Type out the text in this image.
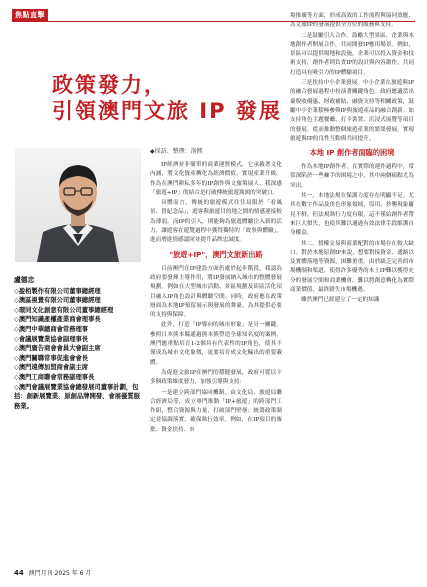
焦點直擊
政策發力，
引領澳門文旅 IP 發展
◆採訪、整理：洛熙
盧德忠
◇盈栢製作有限公司董事總經理
◇澳區視覺有限公司董事總經理
◇環同文化創意有限公司董事總經理
◇澳門知識產權產業商會理事長
◇澳門中華總商會常務理事
◇會議展覽業協會副理事長
◇澳門廣告商會會員大會副主席
◇澳門關聯常事促進會會長
◇澳門遠傳加盟商會副主席
◇澳門工商聯會常務副理事長
◇澳門會議展覽業協會總發展司董事計劃，包括：創新展覽業、原創品牌開發、會展優質服務業。

IP經濟並非簡單的商業運營模式，它承載著文化內涵，將文化資產轉化為經濟價值，實現產業升級。作為在澳門耕耘多年的IP創作與文旅策展人，我深感「旅遊+IP」的結合是打破傳統旅遊瓶頸的突破口。

具體而言，傳統的旅遊模式往往局限於「看風景、買紀念品」，遊客與旅遊目的地之間的情感連接較為薄弱。而IP的引入，則能夠為旅遊體驗注入新的活力，讓遊客在遊覽過程中獲得獨特的「故事與體驗」，進而增進情感認同並提升品牌忠誠度。

"旅遊+IP"，澳門文旅新出路

目前澳門在IP建設方面仍處於起步階段，我認為政府要發揮主導作用，將IP發展納入城市的整體發展規劃。例如在大型城市活動、景區規劃及街區活化項目融入IP角色設計與體驗空間。同時，政府應在政策層面為本地IP預留展示與發展的舞臺，為其提供必要的支持與保障。

此外，打造「IP導向的城市形象」是另一關鍵。參照日本熊本縣通過熊本熊塑造全球知名度的案例，澳門應重點培育1-2個具有代表性的IP角色，使其不僅成為城市文化象徵，更要培育成文化輸出的重要載體。

為促進文旅IP在澳門的穩健發展，政府可從以下多個政策維度發力，加強引導與支持：

一是建立跨部門協同機制。由文化局、旅遊局聯合經濟局等，成立專門推動「IP+旅遊」的跨部門工作組，整合資源與力量，打破部門壁壘；統籌政策制定並協調落實，確保執行效率。例如，在IP項目的審批、資金扶持、市

場推廣等方面，形成高效的工作流程與協同效應，為文旅IP的發展提供全方位的服務與支持。

二是鼓勵引入合作。鼓勵大型景區、企業與本地創作者開展合作，共同開發IP應用場景。例如，景區可以提供場地和設施，企業可以投入資金和技術支持，創作者則負責IP的設計與內容創作，共同打造具有吸引力的IP體驗項目。

三是扶持中小企業發展。中小企業在旅遊與IP的融合發展過程中扮演著關鍵角色。政府應適當出臺稅收優惠、財政補貼、融資支持等相關政策，鼓勵中小企業積極參與IP與旅遊產品的融合創新。如支持角色主題餐廳、打卡裝置、沉浸式展覽等項目的發展，從而推動整個旅遊產業的繁榮發展，實現旅遊與IP的良性互動與共同提升。

本地 IP 創作者面臨的困境

作為本地IP創作者，在實際的運作過程中，常常深陷於一些棘手的困境之中，其中兩個痛點尤為突出。

其一，本地法規在保護力度存在明顯不足。尤其在數字作品及角色形象領域，盜用、抄襲現象屢見不鮮，但法規執行力度有限，這不僅給創作者帶來巨大損失，也使其難以通過有效法律手段維護自身權益。

其二，授權交易與商業配對的市場存在較大缺口。對於本地原創IP來說，想要對接資金、通路以及實體落地等資源，困難重重。由於缺乏完善的市場機制和渠道，使得許多優秀的本土IP難以獲得充分的發展空間和商業機會，難以將創意轉化為實際商業價值，最終錯失市場機遇。

雖然澳門已經建立了一定的知識

44 澳門月刊 2025 年 6 月
